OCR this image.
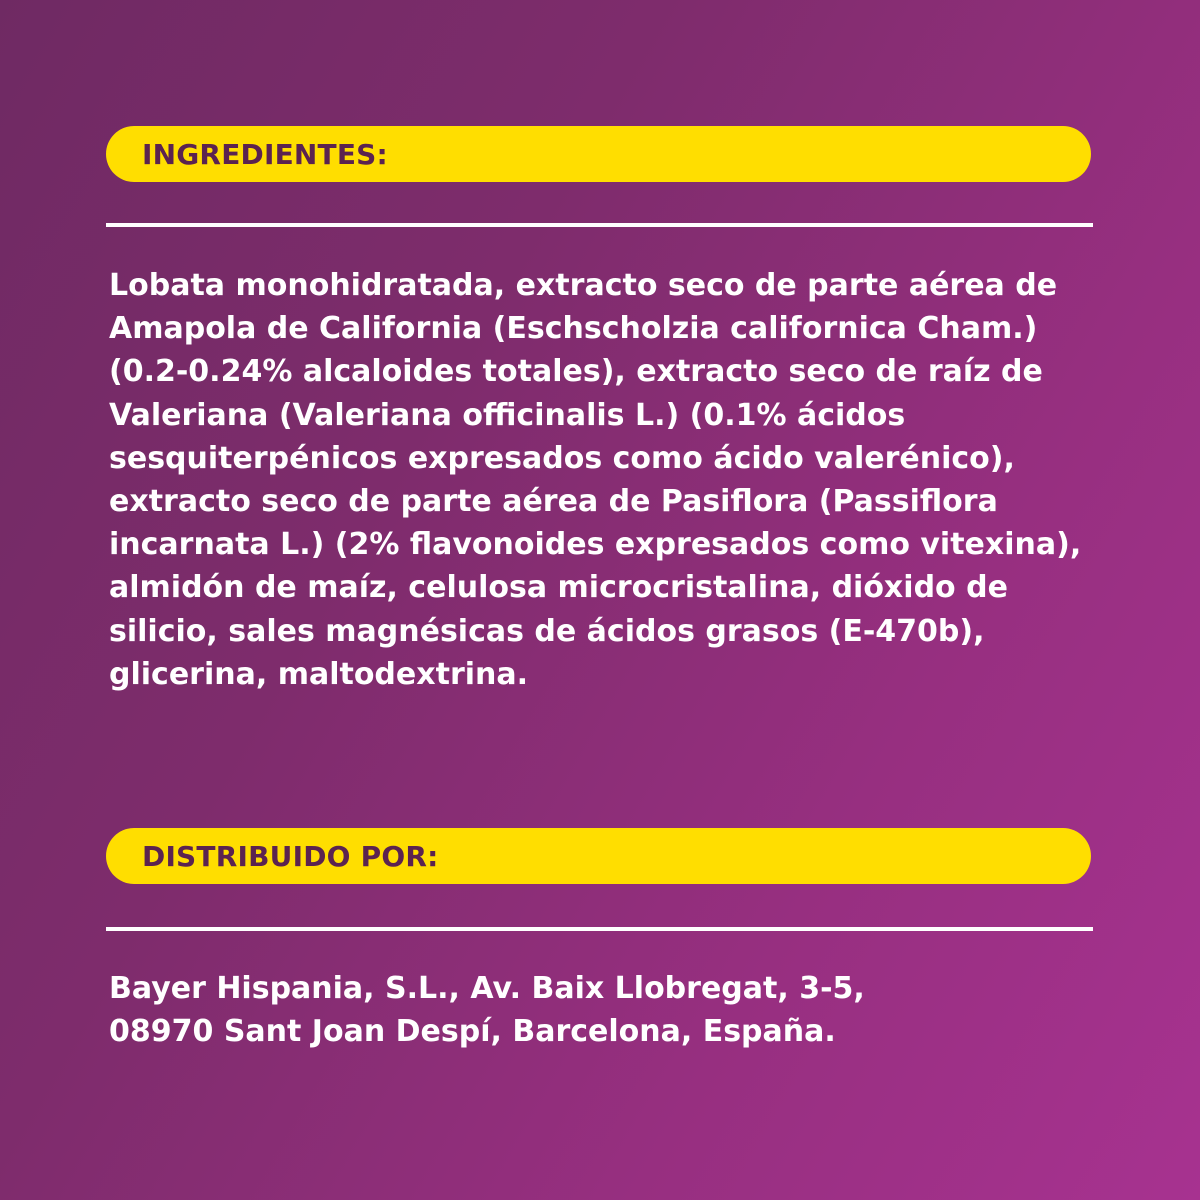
INGREDIENTES:

Lobata monohidratada, extracto seco de parte aérea de
Amapola de California (Eschscholzia californica Cham.)
(0.2-0.24% alcaloides totales), extracto seco de raíz de
Valeriana (Valeriana officinalis L.) (0.1% ácidos
sesquiterpénicos expresados como ácido valerénico),
extracto seco de parte aérea de Pasiflora (Passiflora
incarnata L.) (2% flavonoides expresados como vitexina),
almidón de maíz, celulosa microcristalina, dióxido de
silicio, sales magnésicas de ácidos grasos (E-470b),
glicerina, maltodextrina.

DISTRIBUIDO POR:

Bayer Hispania, S.L., Av. Baix Llobregat, 3-5,
08970 Sant Joan Despí, Barcelona, España.
